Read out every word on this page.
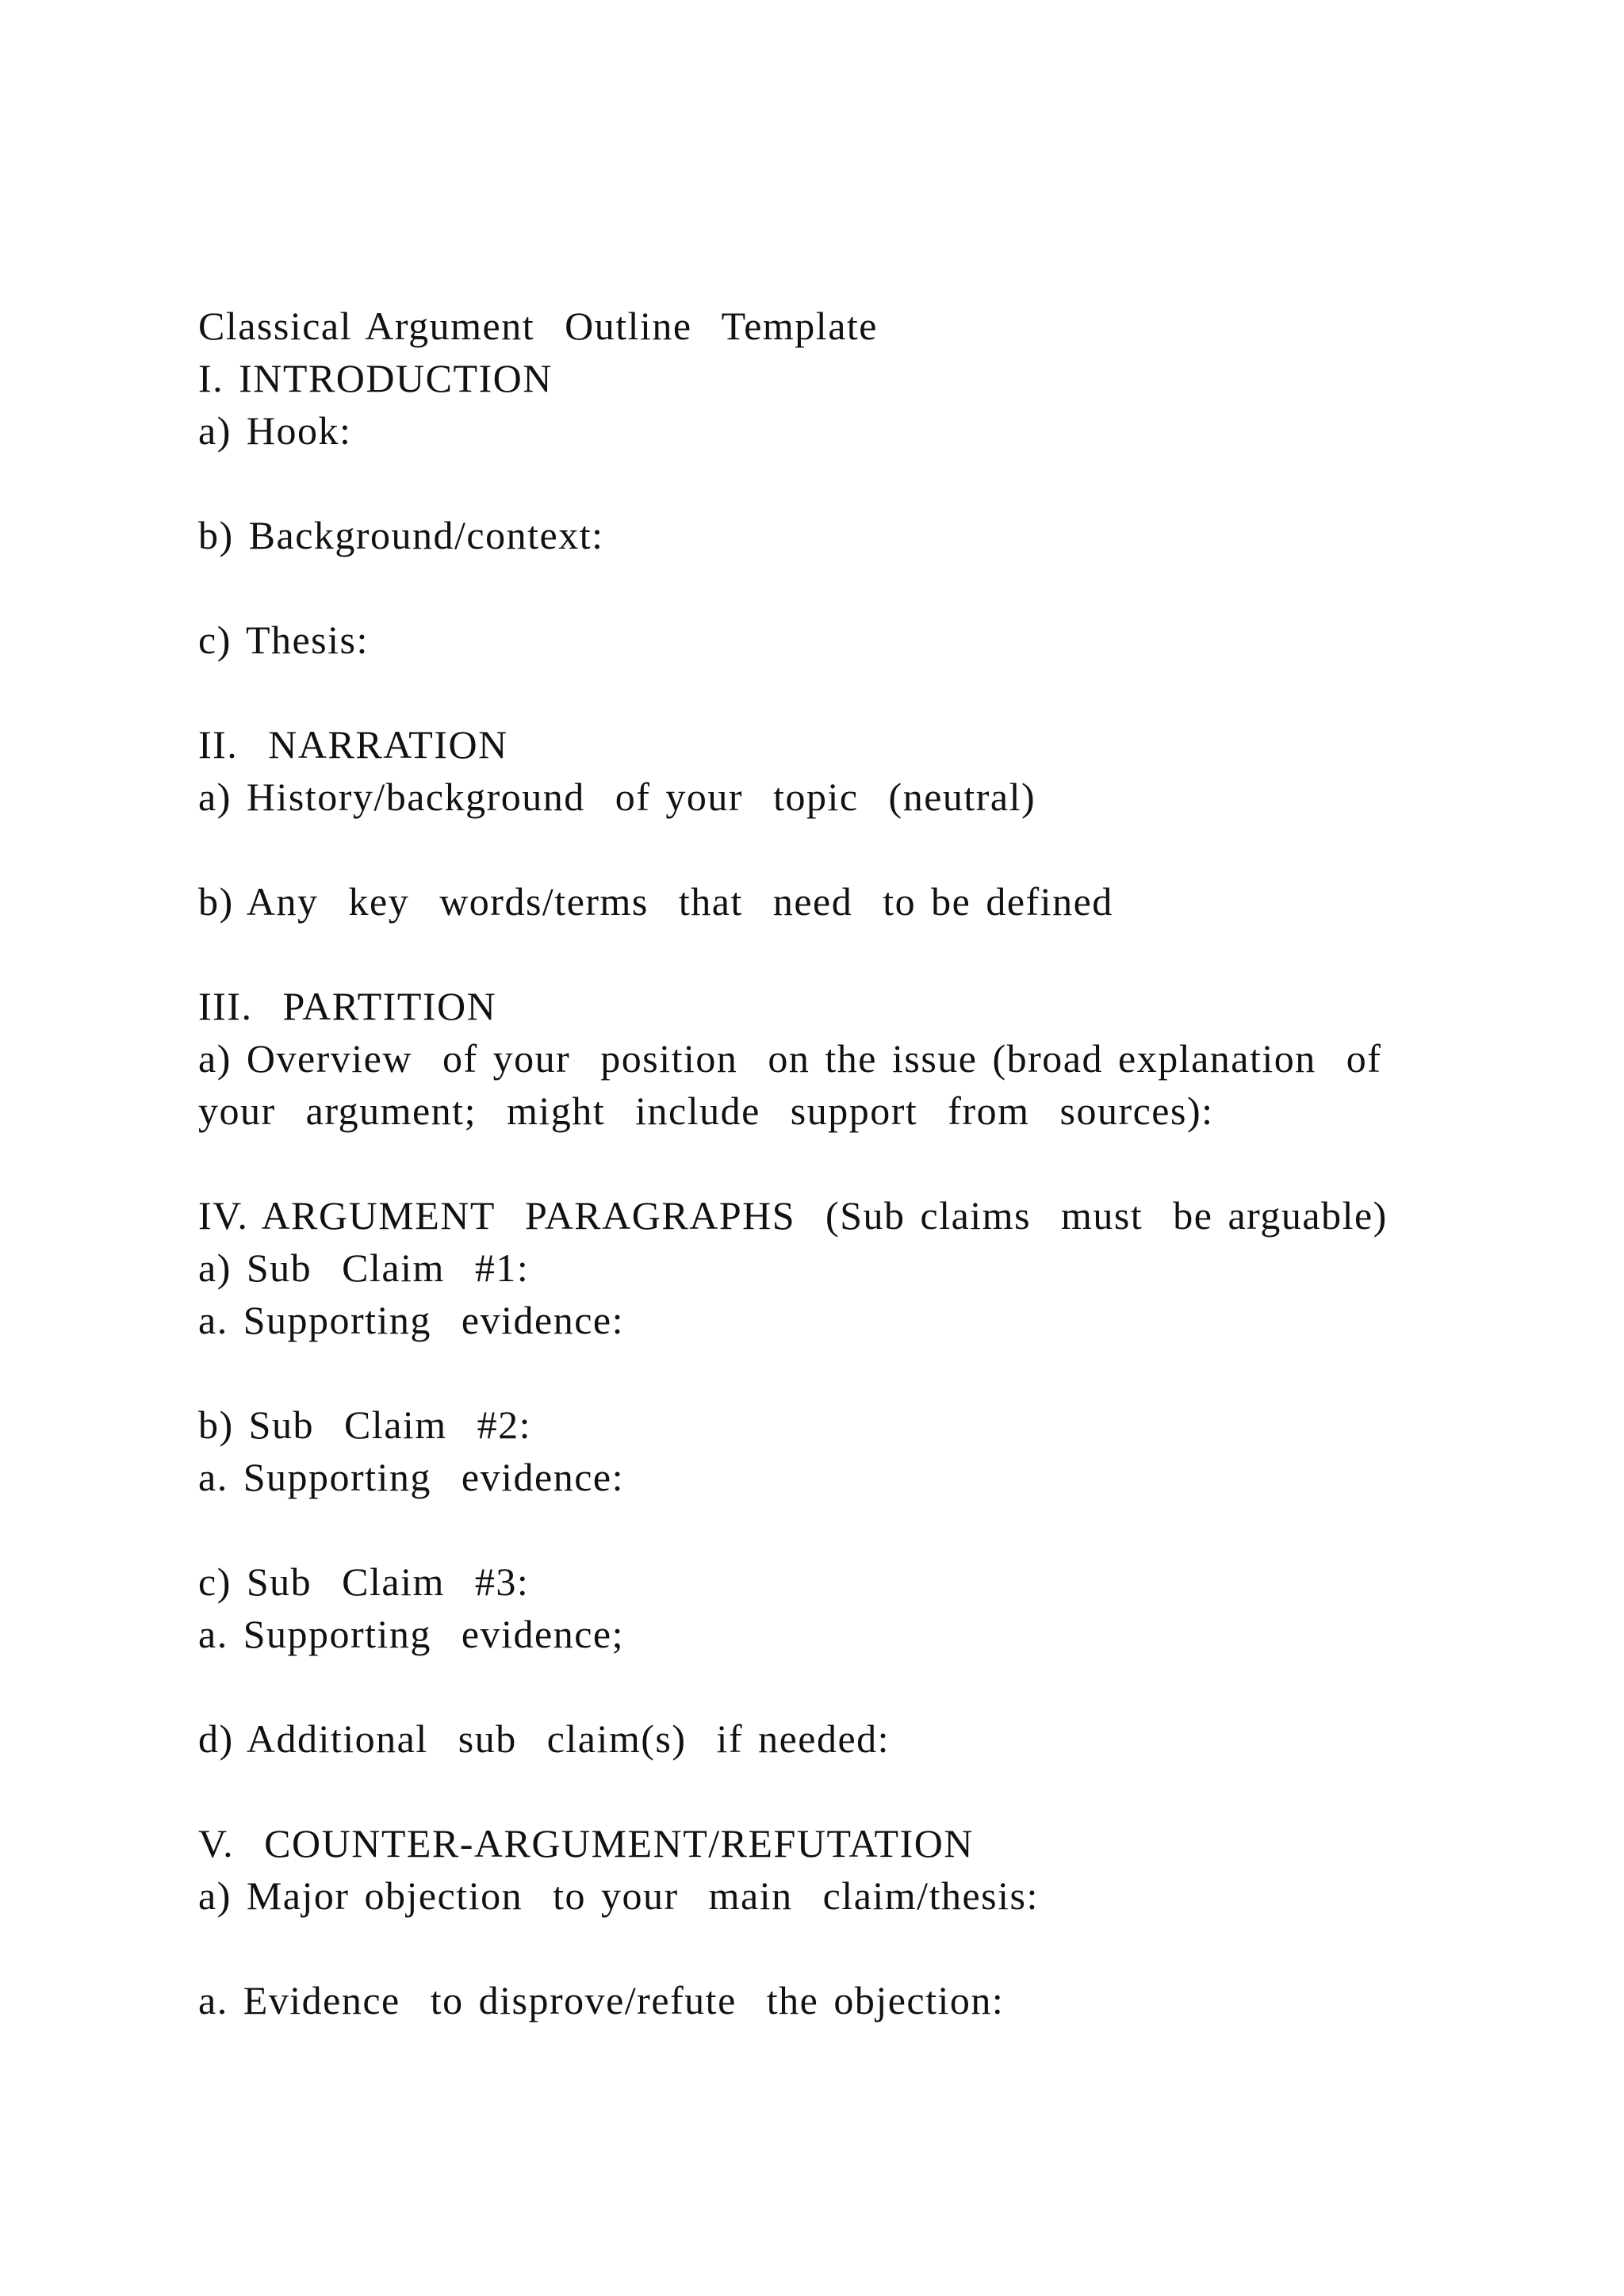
Classical Argument  Outline  Template
I. INTRODUCTION
a) Hook:
b) Background/context:
c) Thesis:
II.  NARRATION
a) History/background  of your  topic  (neutral)
b) Any  key  words/terms  that  need  to be defined
III.  PARTITION
a) Overview  of your  position  on the issue (broad explanation  of
your  argument;  might  include  support  from  sources):
IV. ARGUMENT  PARAGRAPHS  (Sub claims  must  be arguable)
a) Sub  Claim  #1:
a. Supporting  evidence:
b) Sub  Claim  #2:
a. Supporting  evidence:
c) Sub  Claim  #3:
a. Supporting  evidence;
d) Additional  sub  claim(s)  if needed:
V.  COUNTER-ARGUMENT/REFUTATION
a) Major objection  to your  main  claim/thesis:
a. Evidence  to disprove/refute  the objection:
